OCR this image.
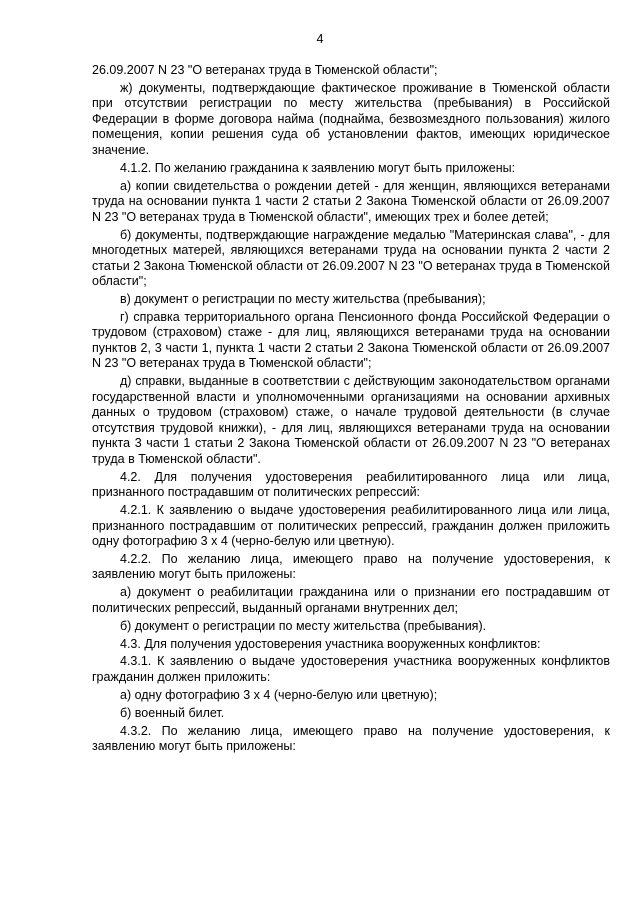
4

26.09.2007 N 23 "О ветеранах труда в Тюменской области";

ж) документы, подтверждающие фактическое проживание в Тюменской области при отсутствии регистрации по месту жительства (пребывания) в Российской Федерации в форме договора найма (поднайма, безвозмездного пользования) жилого помещения, копии решения суда об установлении фактов, имеющих юридическое значение.

4.1.2. По желанию гражданина к заявлению могут быть приложены:

а) копии свидетельства о рождении детей - для женщин, являющихся ветеранами труда на основании пункта 1 части 2 статьи 2 Закона Тюменской области от 26.09.2007 N 23 "О ветеранах труда в Тюменской области", имеющих трех и более детей;

б) документы, подтверждающие награждение медалью "Материнская слава", - для многодетных матерей, являющихся ветеранами труда на основании пункта 2 части 2 статьи 2 Закона Тюменской области от 26.09.2007 N 23 "О ветеранах труда в Тюменской области";

в) документ о регистрации по месту жительства (пребывания);

г) справка территориального органа Пенсионного фонда Российской Федерации о трудовом (страховом) стаже - для лиц, являющихся ветеранами труда на основании пунктов 2, 3 части 1, пункта 1 части 2 статьи 2 Закона Тюменской области от 26.09.2007 N 23 "О ветеранах труда в Тюменской области";

д) справки, выданные в соответствии с действующим законодательством органами государственной власти и уполномоченными организациями на основании архивных данных о трудовом (страховом) стаже, о начале трудовой деятельности (в случае отсутствия трудовой книжки), - для лиц, являющихся ветеранами труда на основании пункта 3 части 1 статьи 2 Закона Тюменской области от 26.09.2007 N 23 "О ветеранах труда в Тюменской области".

4.2. Для получения удостоверения реабилитированного лица или лица, признанного пострадавшим от политических репрессий:

4.2.1. К заявлению о выдаче удостоверения реабилитированного лица или лица, признанного пострадавшим от политических репрессий, гражданин должен приложить одну фотографию 3 x 4 (черно-белую или цветную).

4.2.2. По желанию лица, имеющего право на получение удостоверения, к заявлению могут быть приложены:

а) документ о реабилитации гражданина или о признании его пострадавшим от политических репрессий, выданный органами внутренних дел;

б) документ о регистрации по месту жительства (пребывания).

4.3. Для получения удостоверения участника вооруженных конфликтов:

4.3.1. К заявлению о выдаче удостоверения участника вооруженных конфликтов гражданин должен приложить:

а) одну фотографию 3 x 4 (черно-белую или цветную);

б) военный билет.

4.3.2. По желанию лица, имеющего право на получение удостоверения, к заявлению могут быть приложены:
